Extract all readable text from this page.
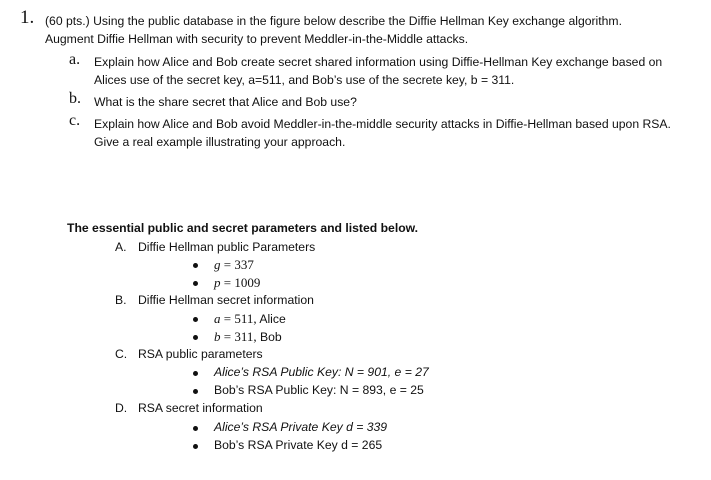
1. (60 pts.) Using the public database in the figure below describe the Diffie Hellman Key exchange algorithm.
Augment Diffie Hellman with security to prevent Meddler-in-the-Middle attacks.
a. Explain how Alice and Bob create secret shared information using Diffie-Hellman Key exchange based on
Alices use of the secret key, a=511, and Bob’s use of the secrete key, b = 311.
b. What is the share secret that Alice and Bob use?
c. Explain how Alice and Bob avoid Meddler-in-the-middle security attacks in Diffie-Hellman based upon RSA.
Give a real example illustrating your approach.
The essential public and secret parameters and listed below.
A. Diffie Hellman public Parameters
g = 337
p = 1009
B. Diffie Hellman secret information
a = 511, Alice
b = 311, Bob
C. RSA public parameters
Alice’s RSA Public Key: N = 901, e = 27
Bob’s RSA Public Key: N = 893, e = 25
D. RSA secret information
Alice’s RSA Private Key d = 339
Bob’s RSA Private Key d = 265
